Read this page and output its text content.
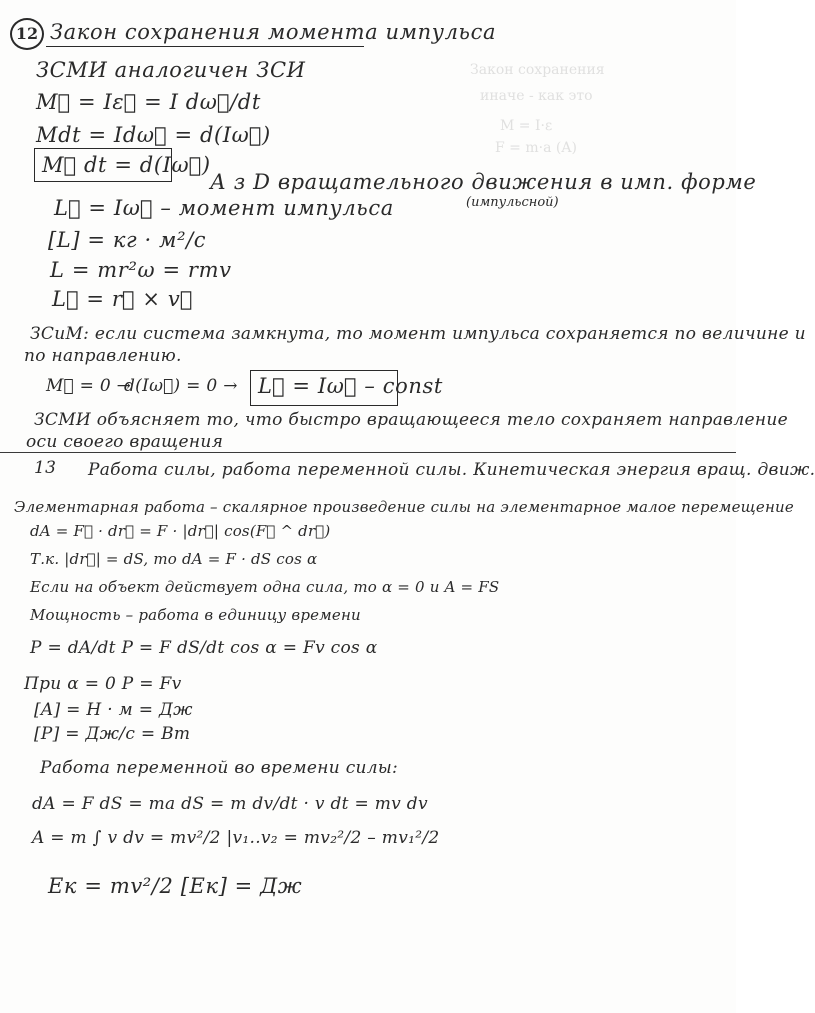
Закон сохранения
иначе - как это
M = I·ε
F = m·a (A)
12 Закон сохранения момента импульса
ЗСМИ аналогичен ЗСИ
M⃗ = Iε⃗ = I dω⃗/dt
Mdt = Idω⃗ = d(Iω⃗)
M⃗ dt = d(Iω⃗)
А з D вращательного движения в имп. форме
(импульсной)
L⃗ = Iω⃗ – момент импульса
[L] = кг · м²/с
L = mr²ω = rmv
L⃗ = r⃗ × v⃗
ЗСиМ: если система замкнута, то момент импульса сохраняется по величине и
по направлению.
M⃗ = 0 →
d(Iω⃗) = 0 → L⃗ = Iω⃗ – const
ЗСМИ объясняет то, что быстро вращающееся тело сохраняет направление
оси своего вращения
13 Работа силы, работа переменной силы. Кинетическая энергия вращ. движ.
Элементарная работа – скалярное произведение силы на элементарное малое перемещение
dA = F⃗ · dr⃗ = F · |dr⃗| cos(F⃗ ^ dr⃗)
Т.к. |dr⃗| = dS, то dA = F · dS cos α
Если на объект действует одна сила, то α = 0 и A = FS
Мощность – работа в единицу времени
P = dA/dt P = F dS/dt cos α = Fv cos α
При α = 0 P = Fv
[A] = Н · м = Дж
[P] = Дж/с = Вт
Работа переменной во времени силы:
dA = F dS = ma dS = m dv/dt · v dt = mv dv
A = m ∫ v dv = mv²/2 |v₁..v₂ = mv₂²/2 – mv₁²/2
Eк = mv²/2 [Eк] = Дж
